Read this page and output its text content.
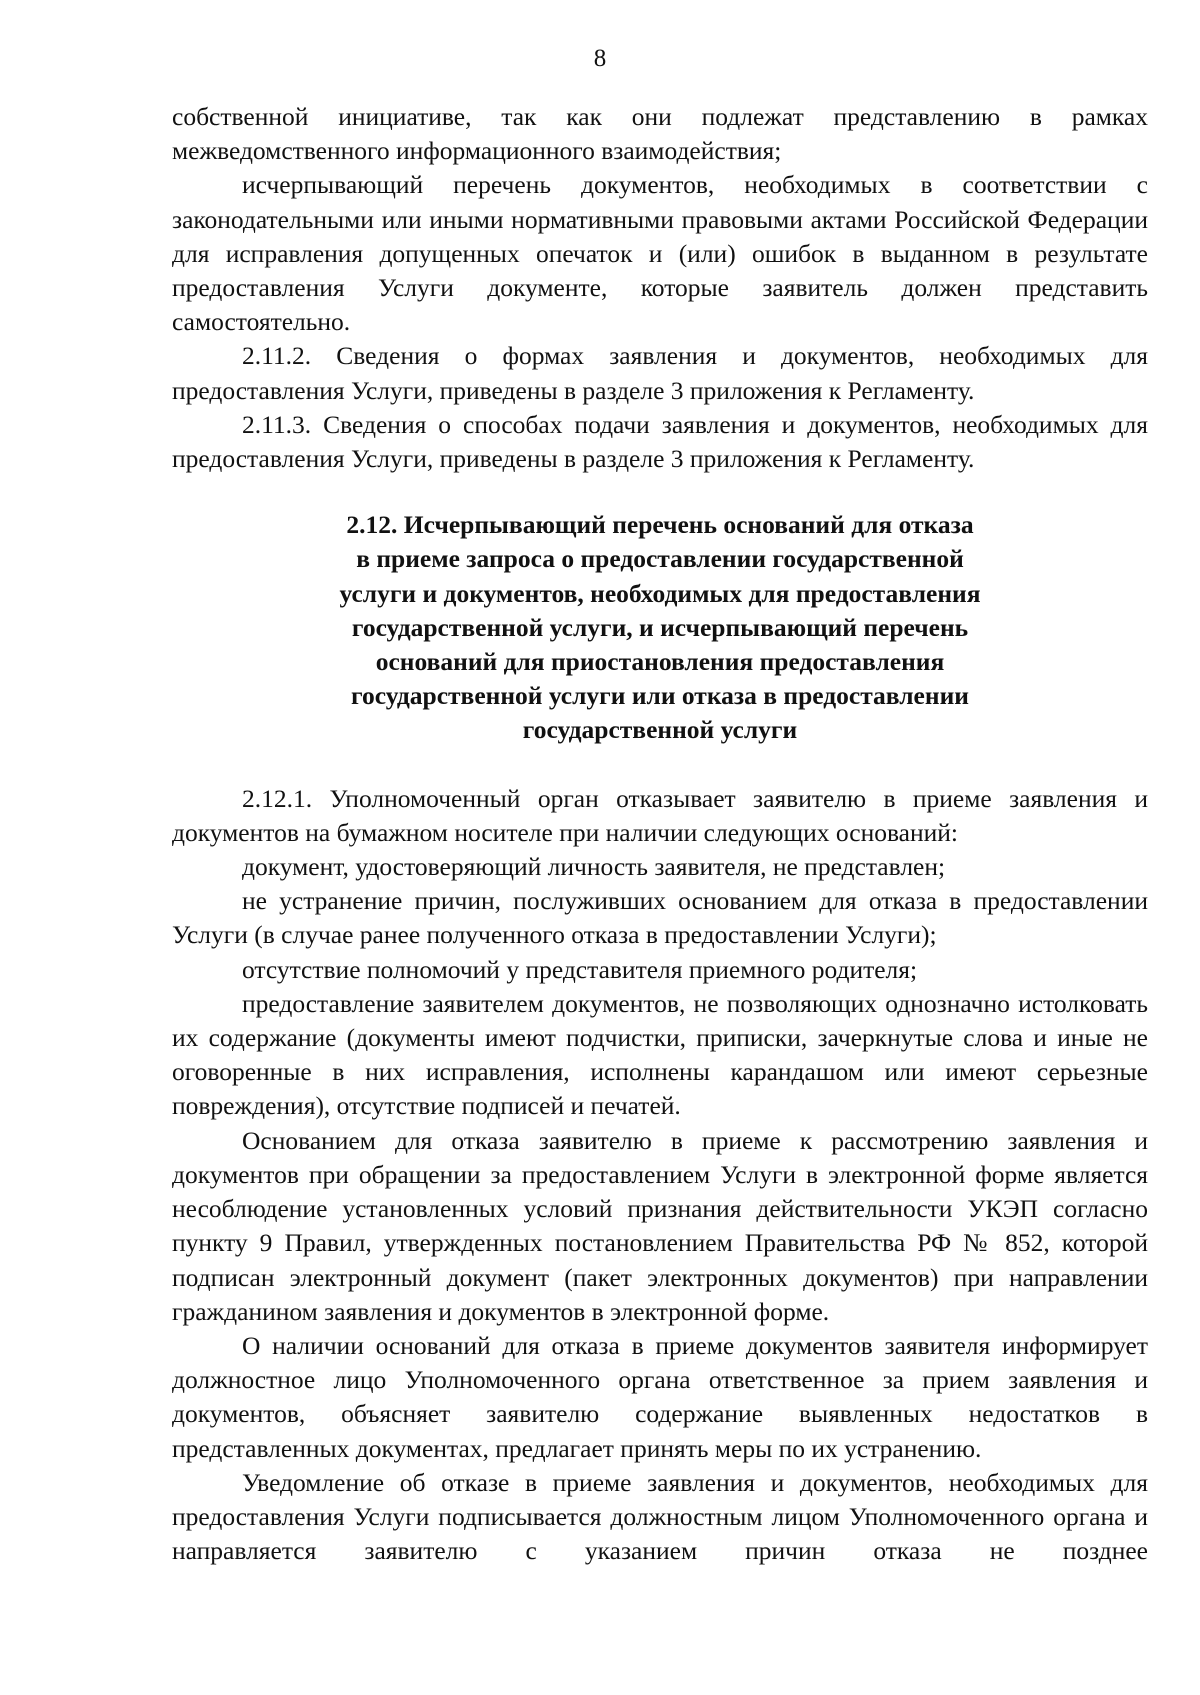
8

собственной инициативе, так как они подлежат представлению в рамках межведомственного информационного взаимодействия;

исчерпывающий перечень документов, необходимых в соответствии с законодательными или иными нормативными правовыми актами Российской Федерации для исправления допущенных опечаток и (или) ошибок в выданном в результате предоставления Услуги документе, которые заявитель должен представить самостоятельно.

2.11.2. Сведения о формах заявления и документов, необходимых для предоставления Услуги, приведены в разделе 3 приложения к Регламенту.

2.11.3. Сведения о способах подачи заявления и документов, необходимых для предоставления Услуги, приведены в разделе 3 приложения к Регламенту.

2.12. Исчерпывающий перечень оснований для отказа
в приеме запроса о предоставлении государственной
услуги и документов, необходимых для предоставления
государственной услуги, и исчерпывающий перечень
оснований для приостановления предоставления
государственной услуги или отказа в предоставлении
государственной услуги

2.12.1. Уполномоченный орган отказывает заявителю в приеме заявления и документов на бумажном носителе при наличии следующих оснований:

документ, удостоверяющий личность заявителя, не представлен;

не устранение причин, послуживших основанием для отказа в предоставлении Услуги (в случае ранее полученного отказа в предоставлении Услуги);

отсутствие полномочий у представителя приемного родителя;

предоставление заявителем документов, не позволяющих однозначно истолковать их содержание (документы имеют подчистки, приписки, зачеркнутые слова и иные не оговоренные в них исправления, исполнены карандашом или имеют серьезные повреждения), отсутствие подписей и печатей.

Основанием для отказа заявителю в приеме к рассмотрению заявления и документов при обращении за предоставлением Услуги в электронной форме является несоблюдение установленных условий признания действительности УКЭП согласно пункту 9 Правил, утвержденных постановлением Правительства РФ № 852, которой подписан электронный документ (пакет электронных документов) при направлении гражданином заявления и документов в электронной форме.

О наличии оснований для отказа в приеме документов заявителя информирует должностное лицо Уполномоченного органа ответственное за прием заявления и документов, объясняет заявителю содержание выявленных недостатков в представленных документах, предлагает принять меры по их устранению.

Уведомление об отказе в приеме заявления и документов, необходимых для предоставления Услуги подписывается должностным лицом Уполномоченного органа и направляется заявителю с указанием причин отказа не позднее
